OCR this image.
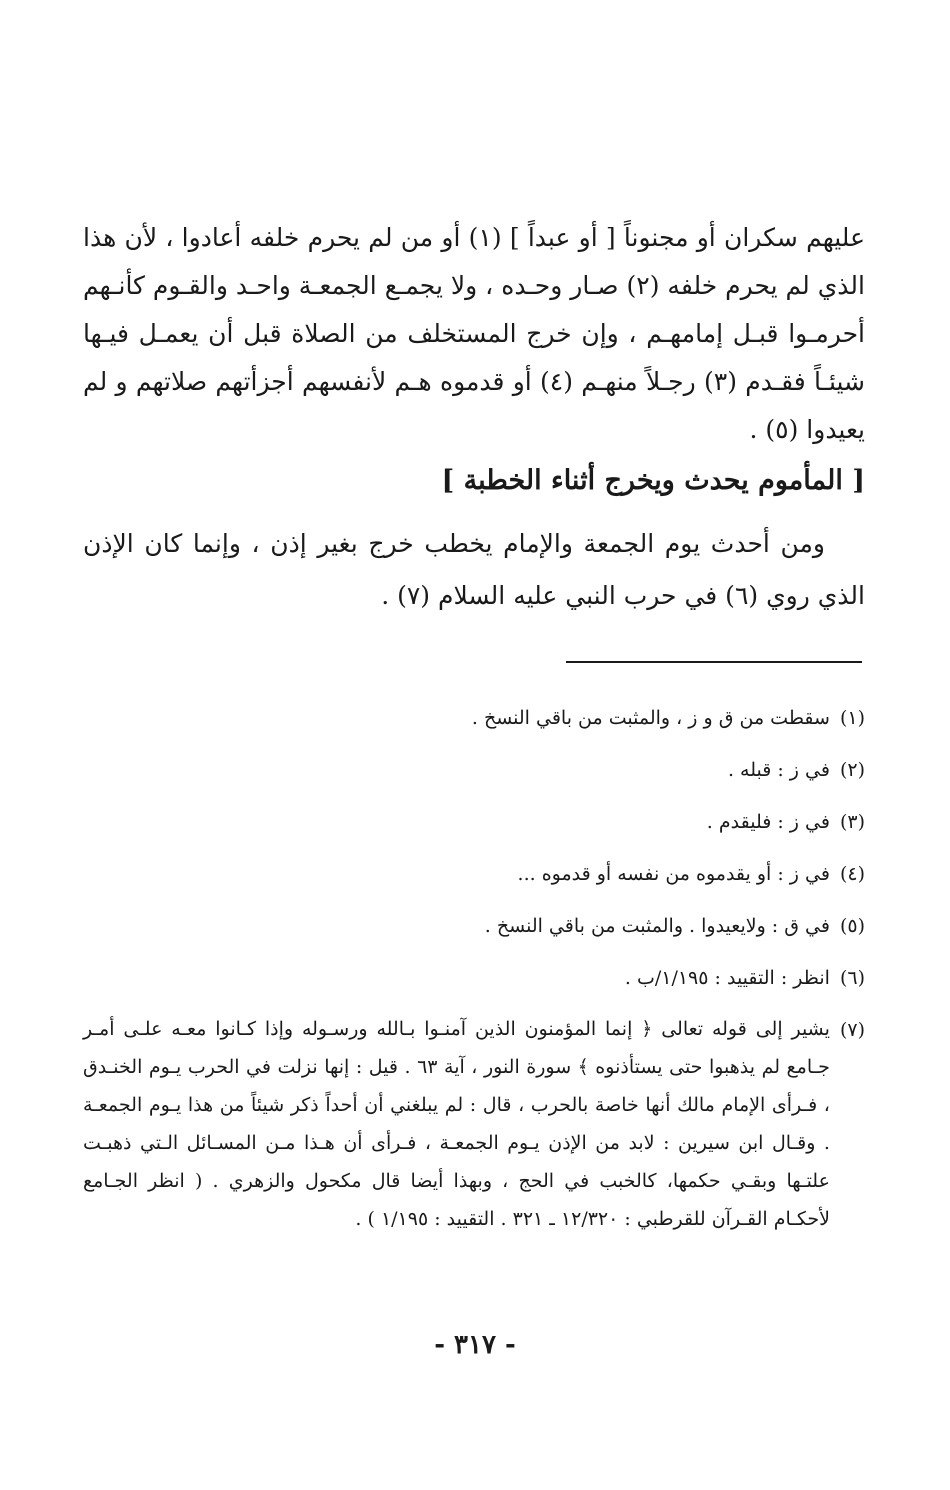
عليهم سكران أو مجنوناً [ أو عبداً ] (١) أو من لم يحرم خلفه أعادوا ، لأن هذا الذي لم يحرم خلفه (٢) صـار وحـده ، ولا يجمـع الجمعـة واحـد والقـوم كأنـهم أحرمـوا قبـل إمامهـم ، وإن خرج المستخلف من الصلاة قبل أن يعمـل فيـها شيئـاً فقـدم (٣) رجـلاً منهـم (٤) أو قدموه هـم لأنفسهم أجزأتهم صلاتهم و لم يعيدوا (٥) .

[ المأموم يحدث ويخرج أثناء الخطبة ]

ومن أحدث يوم الجمعة والإمام يخطب خرج بغير إذن ، وإنما كان الإذن الذي روي (٦) في حرب النبي عليه السلام (٧) .

(١)
سقطت من ق و ز ، والمثبت من باقي النسخ .
(٢)
في ز : قبله .
(٣)
في ز : فليقدم .
(٤)
في ز : أو يقدموه من نفسه أو قدموه ...
(٥)
في ق : ولايعيدوا . والمثبت من باقي النسخ .
(٦)
انظر : التقييد : ١/١٩٥/ب .
(٧)
يشير إلى قوله تعالى ﴿ إنما المؤمنون الذين آمنـوا بـالله ورسـوله وإذا كـانوا معـه علـى أمـر جـامع لم يذهبوا حتى يستأذنوه ﴾ سورة النور ، آية ٦٣ . قيل : إنها نزلت في الحرب يـوم الخنـدق ، فـرأى الإمام مالك أنها خاصة بالحرب ، قال : لم يبلغني أن أحداً ذكر شيئاً من هذا يـوم الجمعـة . وقـال ابن سيرين : لابد من الإذن يـوم الجمعـة ، فـرأى أن هـذا مـن المسـائل الـتي ذهبـت علتـها وبقـي حكمها، كالخبب في الحج ، وبهذا أيضا قال مكحول والزهري . ( انظر الجـامع لأحكـام القـرآن للقرطبي : ١٢/٣٢٠ ـ ٣٢١ . التقييد : ١/١٩٥ ) .
- ٣١٧ -
